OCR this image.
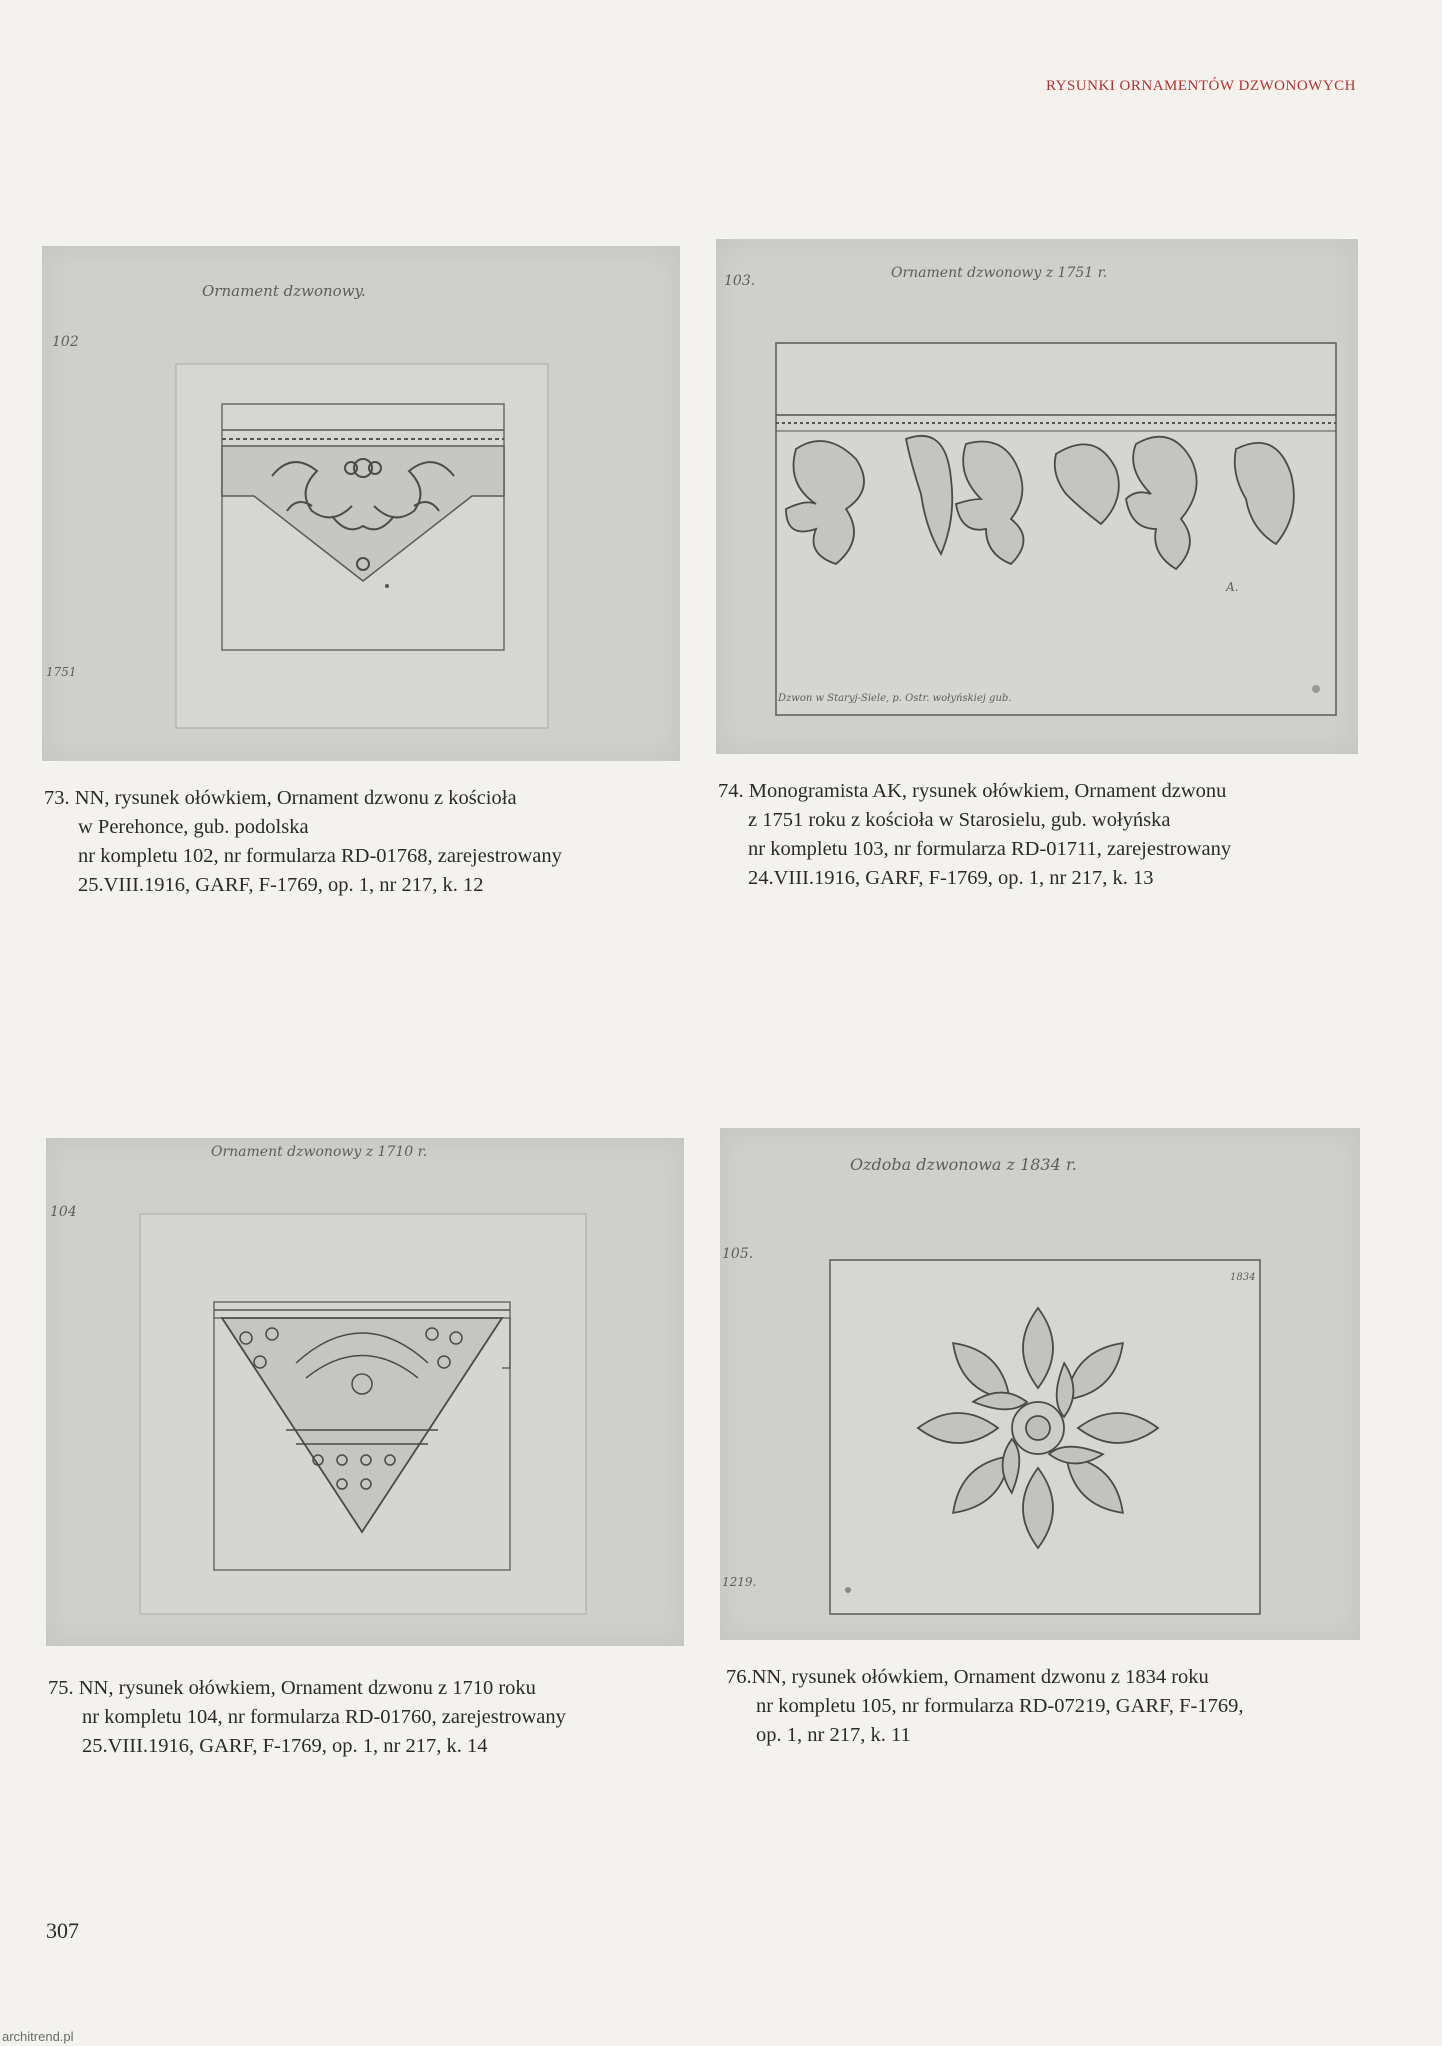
RYSUNKI ORNAMENTÓW DZWONOWYCH
Ornament dzwonowy.
102
1751
73. NN, rysunek ołówkiem, Ornament dzwonu z kościoła
w Perehonce, gub. podolska
nr kompletu 102, nr formularza RD-01768, zarejestrowany
25.VIII.1916, GARF, F-1769, op. 1, nr 217, k. 12
Ornament dzwonowy z 1751 r.
103.
A.
Dzwon w Staryj-Siele, p. Ostr. wołyńskiej gub.
74. Monogramista AK, rysunek ołówkiem, Ornament dzwonu
z 1751 roku z kościoła w Starosielu, gub. wołyńska
nr kompletu 103, nr formularza RD-01711, zarejestrowany
24.VIII.1916, GARF, F-1769, op. 1, nr 217, k. 13
Ornament dzwonowy z 1710 r.
104
75. NN, rysunek ołówkiem, Ornament dzwonu z 1710 roku
nr kompletu 104, nr formularza RD-01760, zarejestrowany
25.VIII.1916, GARF, F-1769, op. 1, nr 217, k. 14
Ozdoba dzwonowa z 1834 r.
105.
1219.
1834
76.NN, rysunek ołówkiem, Ornament dzwonu z 1834 roku
nr kompletu 105, nr formularza RD-07219, GARF, F-1769,
op. 1, nr 217, k. 11
307
architrend.pl
